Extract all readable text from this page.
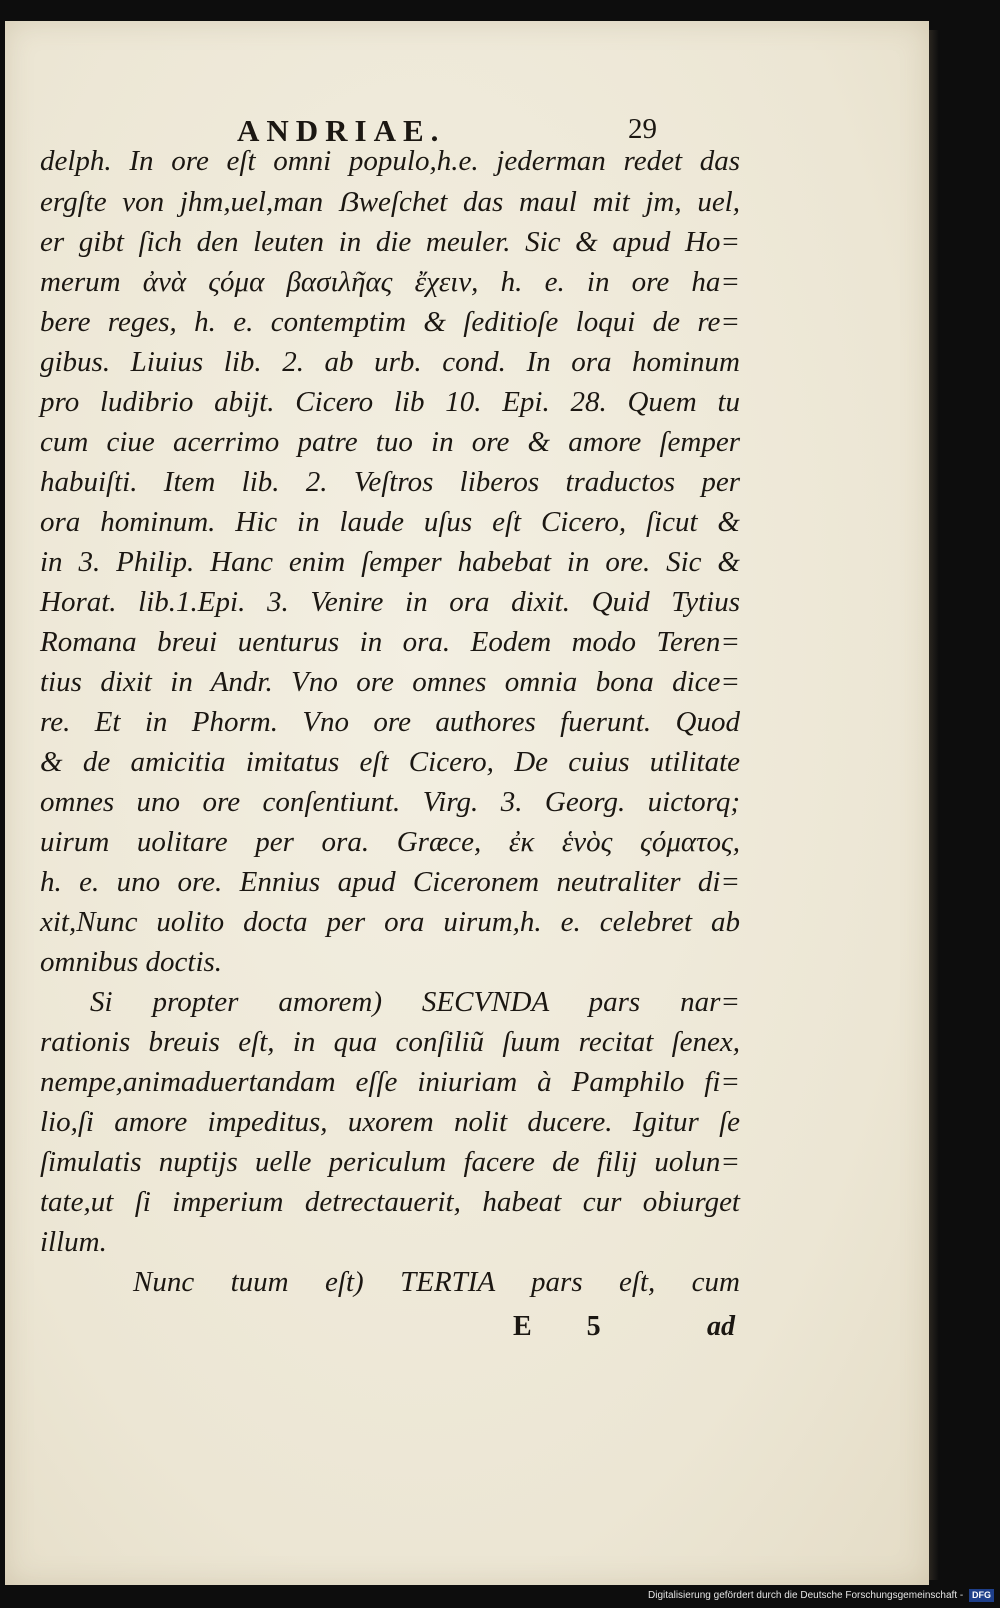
ANDRIAE.	29
delph. In ore eſt omni populo,h.e. jederman redet das
ergſte von jhm,uel,man ẞweſchet das maul mit jm, uel,
er gibt ſich den leuten in die meuler. Sic & apud Ho=
merum ἀνὰ ςόμα βασιλῆας ἔχειν, h. e. in ore ha=
bere reges, h. e. contemptim & ſeditioſe loqui de re=
gibus. Liuius lib. 2. ab urb. cond. In ora hominum
pro ludibrio abijt. Cicero lib 10. Epi. 28. Quem tu
cum ciue acerrimo patre tuo in ore & amore ſemper
habuiſti. Item lib. 2. Veſtros liberos traductos per
ora hominum. Hic in laude uſus eſt Cicero, ſicut &
in 3. Philip. Hanc enim ſemper habebat in ore. Sic &
Horat. lib.1.Epi. 3. Venire in ora dixit. Quid Tytius
Romana breui uenturus in ora. Eodem modo Teren=
tius dixit in Andr. Vno ore omnes omnia bona dice=
re. Et in Phorm. Vno ore authores fuerunt. Quod
& de amicitia imitatus eſt Cicero, De cuius utilitate
omnes uno ore conſentiunt. Virg. 3. Georg. uictorq;
uirum uolitare per ora. Græce, ἐκ ἑνὸς ςόματος,
h. e. uno ore. Ennius apud Ciceronem neutraliter di=
xit,Nunc uolito docta per ora uirum,h. e. celebret ab
omnibus doctis.
Si propter amorem) SECVNDA pars nar=
rationis breuis eſt, in qua conſiliũ ſuum recitat ſenex,
nempe,animaduertandam eſſe iniuriam à Pamphilo fi=
lio,ſi amore impeditus, uxorem nolit ducere. Igitur ſe
ſimulatis nuptijs uelle periculum facere de filij uolun=
tate,ut ſi imperium detrectauerit, habeat cur obiurget
illum.
Nunc tuum eſt) TERTIA pars eſt, cum
E 5	ad
Digitalisierung gefördert durch die Deutsche Forschungsgemeinschaft - DFG
